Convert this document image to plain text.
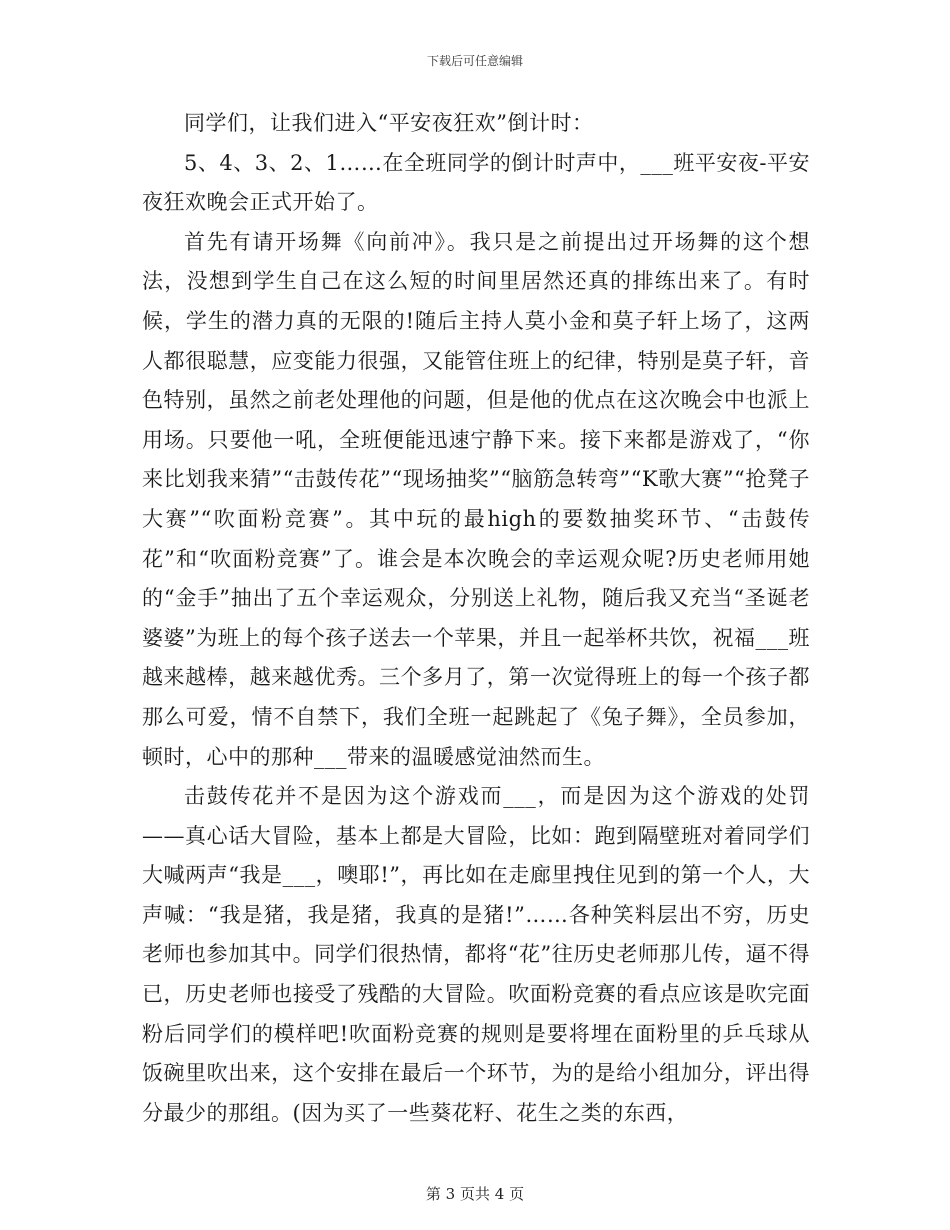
下载后可任意编辑

同学们，让我们进入“平安夜狂欢”倒计时：

5、4、3、2、1……在全班同学的倒计时声中，___班平安夜-平安夜狂欢晚会正式开始了。

首先有请开场舞《向前冲》。我只是之前提出过开场舞的这个想法，没想到学生自己在这么短的时间里居然还真的排练出来了。有时候，学生的潜力真的无限的!随后主持人莫小金和莫子轩上场了，这两人都很聪慧，应变能力很强，又能管住班上的纪律，特别是莫子轩，音色特别，虽然之前老处理他的问题，但是他的优点在这次晚会中也派上用场。只要他一吼，全班便能迅速宁静下来。接下来都是游戏了，“你来比划我来猜”“击鼓传花”“现场抽奖”“脑筋急转弯”“K歌大赛”“抢凳子大赛”“吹面粉竞赛”。其中玩的最high的要数抽奖环节、“击鼓传花”和“吹面粉竞赛”了。谁会是本次晚会的幸运观众呢?历史老师用她的“金手”抽出了五个幸运观众，分别送上礼物，随后我又充当“圣诞老婆婆”为班上的每个孩子送去一个苹果，并且一起举杯共饮，祝福___班越来越棒，越来越优秀。三个多月了，第一次觉得班上的每一个孩子都那么可爱，情不自禁下，我们全班一起跳起了《兔子舞》，全员参加，顿时，心中的那种___带来的温暖感觉油然而生。

击鼓传花并不是因为这个游戏而___，而是因为这个游戏的处罚——真心话大冒险，基本上都是大冒险，比如：跑到隔壁班对着同学们大喊两声“我是___，噢耶!”，再比如在走廊里拽住见到的第一个人，大声喊：“我是猪，我是猪，我真的是猪!”……各种笑料层出不穷，历史老师也参加其中。同学们很热情，都将“花”往历史老师那儿传，逼不得已，历史老师也接受了残酷的大冒险。吹面粉竞赛的看点应该是吹完面粉后同学们的模样吧!吹面粉竞赛的规则是要将埋在面粉里的乒乓球从饭碗里吹出来，这个安排在最后一个环节，为的是给小组加分，评出得分最少的那组。(因为买了一些葵花籽、花生之类的东西，

第 3 页共 4 页
